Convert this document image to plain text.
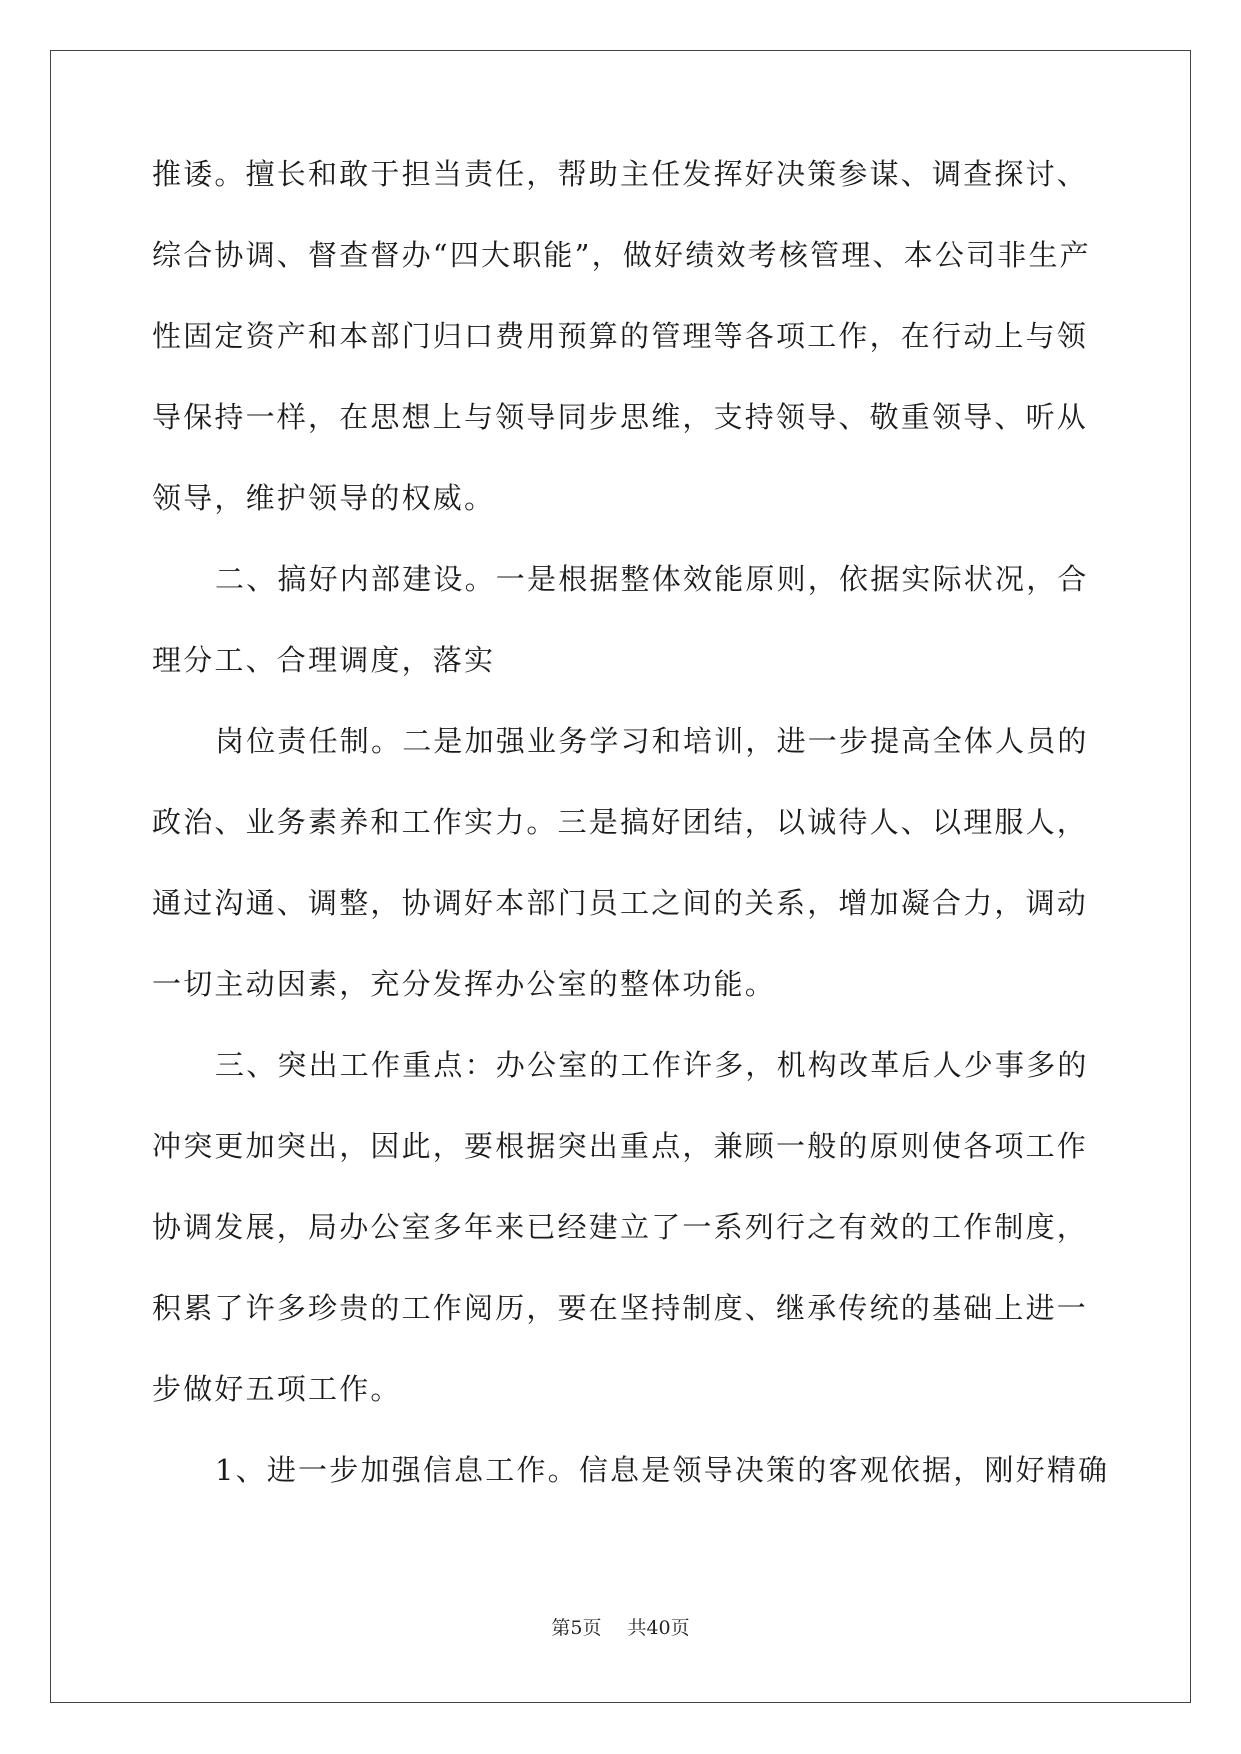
推诿。擅长和敢于担当责任，帮助主任发挥好决策参谋、调查探讨、
综合协调、督查督办“四大职能”，做好绩效考核管理、本公司非生产
性固定资产和本部门归口费用预算的管理等各项工作，在行动上与领
导保持一样，在思想上与领导同步思维，支持领导、敬重领导、听从
领导，维护领导的权威。
二、搞好内部建设。一是根据整体效能原则，依据实际状况，合
理分工、合理调度，落实
岗位责任制。二是加强业务学习和培训，进一步提高全体人员的
政治、业务素养和工作实力。三是搞好团结，以诚待人、以理服人，
通过沟通、调整，协调好本部门员工之间的关系，增加凝合力，调动
一切主动因素，充分发挥办公室的整体功能。
三、突出工作重点：办公室的工作许多，机构改革后人少事多的
冲突更加突出，因此，要根据突出重点，兼顾一般的原则使各项工作
协调发展，局办公室多年来已经建立了一系列行之有效的工作制度，
积累了许多珍贵的工作阅历，要在坚持制度、继承传统的基础上进一
步做好五项工作。
1、进一步加强信息工作。信息是领导决策的客观依据，刚好精确
第5页 共40页
